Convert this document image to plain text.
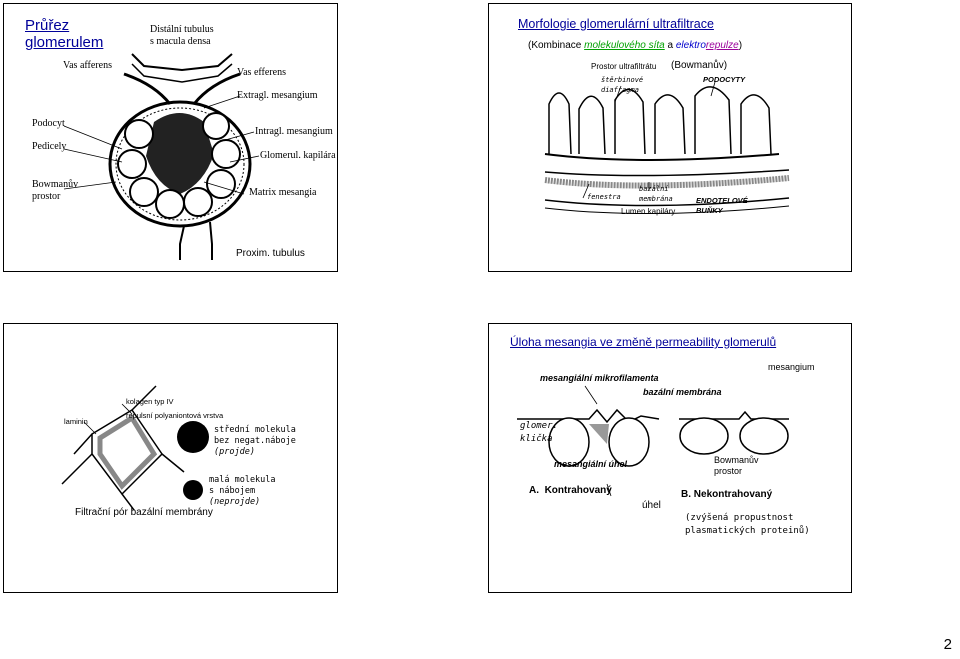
Průřez
glomerulem
Distální tubulus
s macula densa
Vas afferens
Vas efferens
Extragl. mesangium
Podocyt
Intragl. mesangium
Pedicely
Glomerul. kapilára
Bowmanův
prostor	Matrix mesangia
Proxim. tubulus
Morfologie glomerulární ultrafiltrace
(Kombinace molekulového síta a elektrorepulze)
Prostor ultrafiltrátu (Bowmanův)
štěrbinové
diafragma
PODOCYTY
fenestra
bazální
membrána
Lumen kapiláry
ENDOTELOVÉ
BUŇKY
kolagen typ IV
repulsní polyaniontová vrstva
laminin
střední molekula
bez negat.náboje
(projde)
malá molekula
s nábojem
(neprojde)
Filtrační pór bazální membrány
Úloha mesangia ve změně permeability glomerulů
mesangiální mikrofilamenta
mesangium
bazální membrána
glomer.
klička
mesangiální úhel	Bowmanův
prostor
A. Kontrahovaný	B. Nekontrahovaný
úhel
(zvýšená propustnost
plasmatických proteinů)
2
